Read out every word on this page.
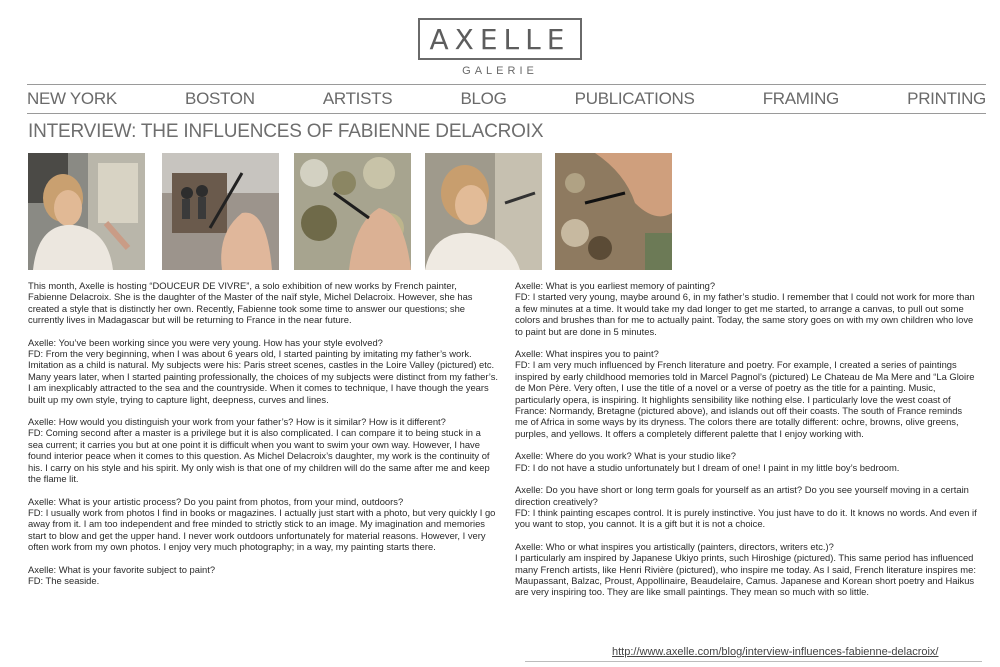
AXELLE
GALERIE
NEW YORK	BOSTON	ARTISTS	BLOG	PUBLICATIONS	FRAMING	PRINTING
INTERVIEW: THE INFLUENCES OF FABIENNE DELACROIX

This month, Axelle is hosting “DOUCEUR DE VIVRE”, a solo exhibition of new works by French painter, Fabienne Delacroix. She is the daughter of the Master of the naïf style, Michel Delacroix. However, she has created a style that is distinctly her own. Recently, Fabienne took some time to answer our questions; she currently lives in Madagascar but will be returning to France in the near future.

Axelle: You’ve been working since you were very young. How has your style evolved?
FD: From the very beginning, when I was about 6 years old, I started painting by imitating my father’s work. Imitation as a child is natural. My subjects were his: Paris street scenes, castles in the Loire Valley (pictured) etc. Many years later, when I started painting professionally, the choices of my subjects were distinct from my father’s. I am inexplicably attracted to the sea and the countryside. When it comes to technique, I have though the years built up my own style, trying to capture light, deepness, curves and lines.

Axelle: How would you distinguish your work from your father’s? How is it similar? How is it different?
FD: Coming second after a master is a privilege but it is also complicated. I can compare it to being stuck in a sea current; it carries you but at one point it is difficult when you want to swim your own way. However, I have found interior peace when it comes to this question. As Michel Delacroix’s daughter, my work is the continuity of his. I carry on his style and his spirit. My only wish is that one of my children will do the same after me and keep the flame lit.

Axelle: What is your artistic process? Do you paint from photos, from your mind, outdoors?
FD: I usually work from photos I find in books or magazines. I actually just start with a photo, but very quickly I go away from it. I am too independent and free minded to strictly stick to an image. My imagination and memories start to blow and get the upper hand. I never work outdoors unfortunately for material reasons. However, I very often work from my own photos. I enjoy very much photography; in a way, my painting starts there.

Axelle: What is your favorite subject to paint?
FD: The seaside.

Axelle: What is you earliest memory of painting?
FD: I started very young, maybe around 6, in my father’s studio. I remember that I could not work for more than a few minutes at a time. It would take my dad longer to get me started, to arrange a canvas, to pull out some colors and brushes than for me to actually paint. Today, the same story goes on with my own children who love to paint but are done in 5 minutes.

Axelle: What inspires you to paint?
FD: I am very much influenced by French literature and poetry. For example, I created a series of paintings inspired by early childhood memories told in Marcel Pagnol’s (pictured) Le Chateau de Ma Mere and “La Gloire de Mon Père. Very often, I use the title of a novel or a verse of poetry as the title for a painting. Music, particularly opera, is inspiring. It highlights sensibility like nothing else. I particularly love the west coast of France: Normandy, Bretagne (pictured above), and islands out off their coasts. The south of France reminds me of Africa in some ways by its dryness. The colors there are totally different: ochre, browns, olive greens, purples, and yellows. It offers a completely different palette that I enjoy working with.

Axelle: Where do you work? What is your studio like?
FD: I do not have a studio unfortunately but I dream of one! I paint in my little boy’s bedroom.

Axelle: Do you have short or long term goals for yourself as an artist? Do you see yourself moving in a certain direction creatively?
FD: I think painting escapes control. It is purely instinctive. You just have to do it. It knows no words. And even if you want to stop, you cannot. It is a gift but it is not a choice.

Axelle: Who or what inspires you artistically (painters, directors, writers etc.)?
I particularly am inspired by Japanese Ukiyo prints, such Hiroshige (pictured). This same period has influenced many French artists, like Henri Rivière (pictured), who inspire me today. As I said, French literature inspires me: Maupassant, Balzac, Proust, Appollinaire, Beaudelaire, Camus. Japanese and Korean short poetry and Haikus are very inspiring too. They are like small paintings. They mean so much with so little.

http://www.axelle.com/blog/interview-influences-fabienne-delacroix/
